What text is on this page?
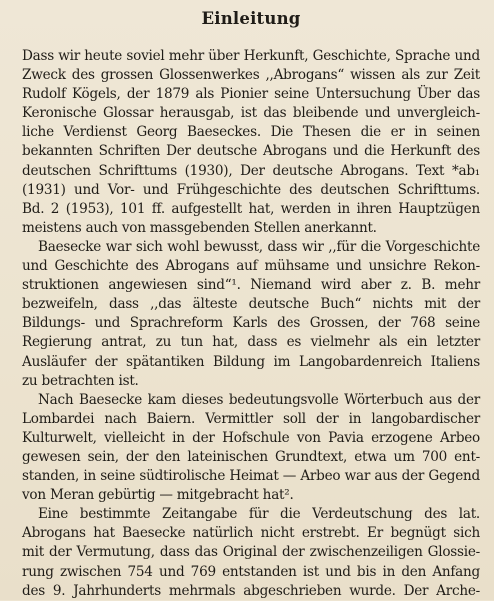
Einleitung
Dass wir heute soviel mehr über Herkunft, Geschichte, Sprache und
Zweck des grossen Glossenwerkes ,,Abrogans“ wissen als zur Zeit
Rudolf Kögels, der 1879 als Pionier seine Untersuchung Über das
Keronische Glossar herausgab, ist das bleibende und unvergleich-
liche Verdienst Georg Baeseckes. Die Thesen die er in seinen
bekannten Schriften Der deutsche Abrogans und die Herkunft des
deutschen Schrifttums (1930), Der deutsche Abrogans. Text *ab₁
(1931) und Vor- und Frühgeschichte des deutschen Schrifttums.
Bd. 2 (1953), 101 ff. aufgestellt hat, werden in ihren Hauptzügen
meistens auch von massgebenden Stellen anerkannt.
Baesecke war sich wohl bewusst, dass wir ,,für die Vorgeschichte
und Geschichte des Abrogans auf mühsame und unsichre Rekon-
struktionen angewiesen sind“¹. Niemand wird aber z. B. mehr
bezweifeln, dass ,,das älteste deutsche Buch“ nichts mit der
Bildungs- und Sprachreform Karls des Grossen, der 768 seine
Regierung antrat, zu tun hat, dass es vielmehr als ein letzter
Ausläufer der spätantiken Bildung im Langobardenreich Italiens
zu betrachten ist.
Nach Baesecke kam dieses bedeutungsvolle Wörterbuch aus der
Lombardei nach Baiern. Vermittler soll der in langobardischer
Kulturwelt, vielleicht in der Hofschule von Pavia erzogene Arbeo
gewesen sein, der den lateinischen Grundtext, etwa um 700 ent-
standen, in seine südtirolische Heimat — Arbeo war aus der Gegend
von Meran gebürtig — mitgebracht hat².
Eine bestimmte Zeitangabe für die Verdeutschung des lat.
Abrogans hat Baesecke natürlich nicht erstrebt. Er begnügt sich
mit der Vermutung, dass das Original der zwischenzeiligen Glossie-
rung zwischen 754 und 769 entstanden ist und bis in den Anfang
des 9. Jahrhunderts mehrmals abgeschrieben wurde. Der Arche-
